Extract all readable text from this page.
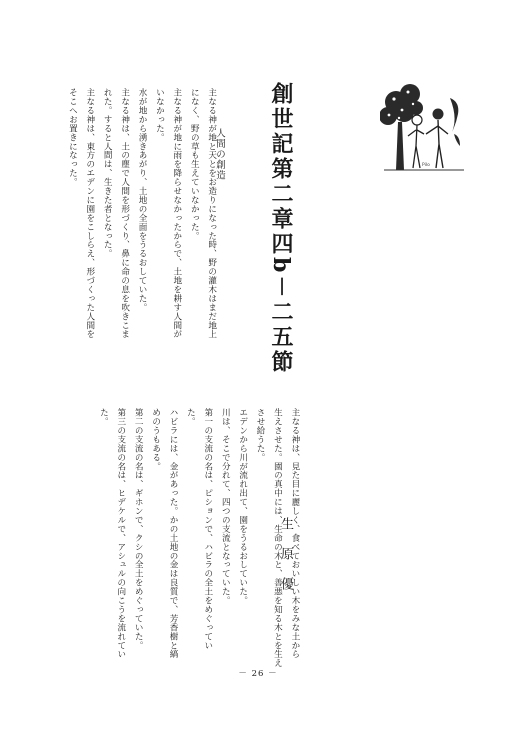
創世記第二章四b－二五節
人間の創造
主なる神が地と天とをお造りになった時、野の灌木はまだ地上
になく、野の草も生えていなかった。
主なる神が地に雨を降らせなかったからで、土地を耕す人間が
いなかった。
水が地から湧きあがり、土地の全面をうるおしていた。
主なる神は、土の塵で人間を形づくり、鼻に命の息を吹きこま
れた。すると人間は、生きた者となった。
主なる神は、東方のエデンに園をこしらえ、形づくった人間を
そこへお置きになった。
主なる神は、見た目に麗しく、食べておいしい木をみな土から
生えさせた。園の真中には、生命の木と、善悪を知る木とを生え
させ給うた。
エデンから川が流れ出て、園をうるおしていた。
川は、そこで分れて、四つの支流となっていた。
第一の支流の名は、ピションで、ハビラの全土をめぐってい
た。
ハビラには、金があった。かの土地の金は良質で、芳香樹と縞
めのうもある。
第二の支流の名は、ギホンで、クシの全土をめぐっていた。
第三の支流の名は、ヒデケルで、アシュルの向こうを流れてい
た。
生原優
Pilo
－ 26 －
